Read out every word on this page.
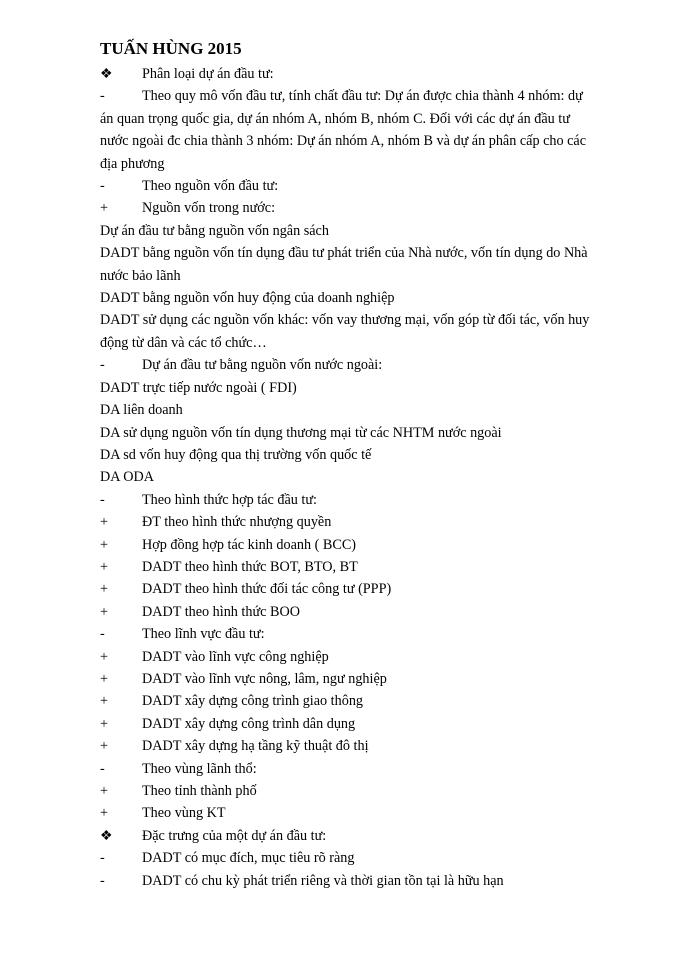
TUẤN HÙNG 2015
❖	Phân loại dự án đầu tư:
-	Theo quy mô vốn đầu tư, tính chất đầu tư: Dự án được chia thành 4 nhóm: dự
án quan trọng quốc gia, dự án nhóm A, nhóm B, nhóm C. Đối với các dự án đầu tư
nước ngoài đc chia thành 3 nhóm: Dự án nhóm A, nhóm B và dự án phân cấp cho các
địa phương
-	Theo nguồn vốn đầu tư:
+	Nguồn vốn trong nước:
Dự án đầu tư bằng nguồn vốn ngân sách
DADT bằng nguồn vốn tín dụng đầu tư phát triển của Nhà nước, vốn tín dụng do Nhà
nước bảo lãnh
DADT bằng nguồn vốn huy động của doanh nghiệp
DADT sử dụng các nguồn vốn khác: vốn vay thương mại, vốn góp từ đối tác, vốn huy
động từ dân và các tổ chức…
-	Dự án đầu tư bằng nguồn vốn nước ngoài:
DADT trực tiếp nước ngoài ( FDI)
DA liên doanh
DA sử dụng nguồn vốn tín dụng thương mại từ các NHTM nước ngoài
DA sd vốn huy động qua thị trường vốn quốc tế
DA ODA
-	Theo hình thức hợp tác đầu tư:
+	ĐT theo hình thức nhượng quyền
+	Hợp đồng hợp tác kinh doanh ( BCC)
+	DADT theo hình thức BOT, BTO, BT
+	DADT theo hình thức đối tác công tư (PPP)
+	DADT theo hình thức BOO
-	Theo lĩnh vực đầu tư:
+	DADT vào lĩnh vực công nghiệp
+	DADT vào lĩnh vực nông, lâm, ngư nghiệp
+	DADT xây dựng công trình giao thông
+	DADT xây dựng công trình dân dụng
+	DADT xây dựng hạ tầng kỹ thuật đô thị
-	Theo vùng lãnh thổ:
+	Theo tỉnh thành phố
+	Theo vùng KT
❖	Đặc trưng của một dự án đầu tư:
-	DADT có mục đích, mục tiêu rõ ràng
-	DADT có chu kỳ phát triển riêng và thời gian tồn tại là hữu hạn
